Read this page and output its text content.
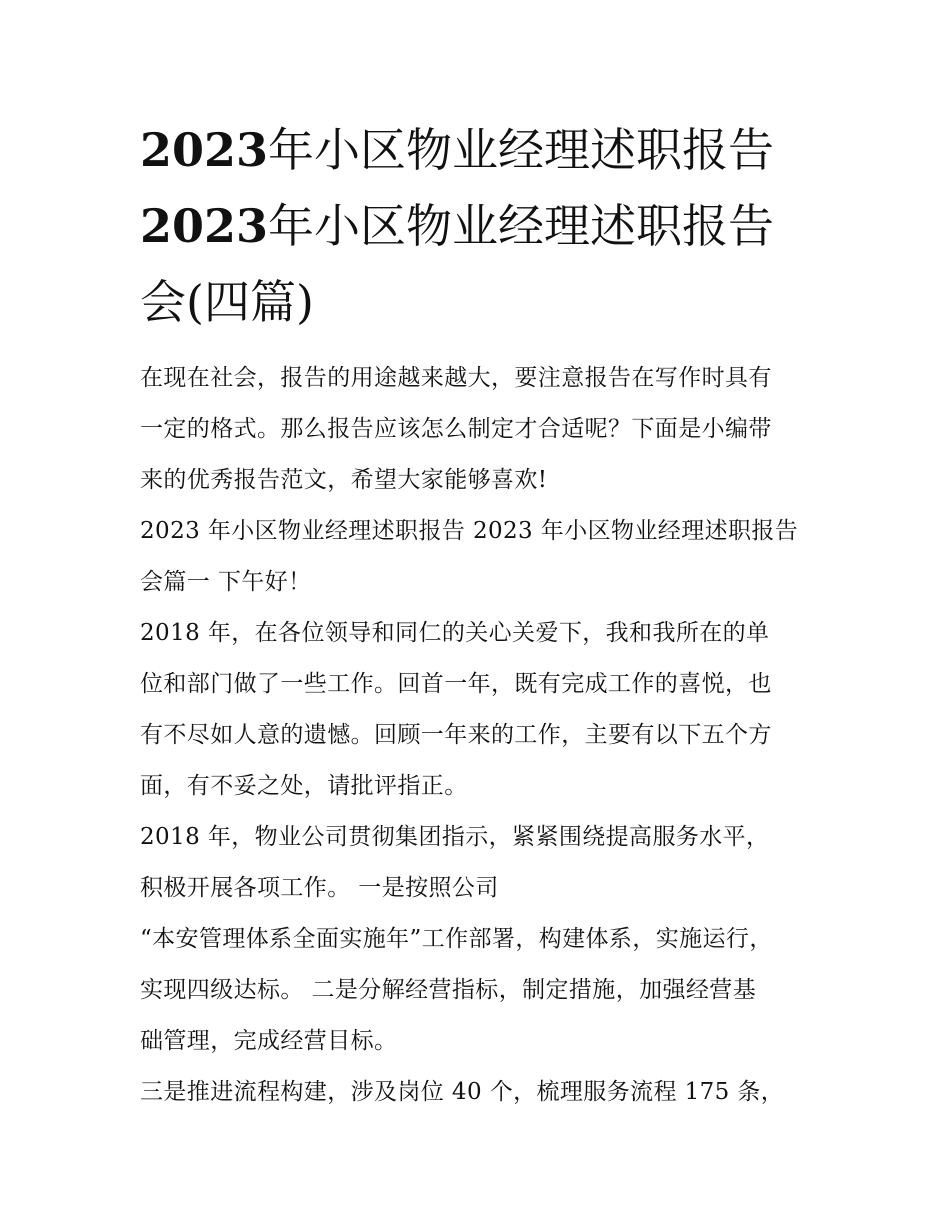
2023年小区物业经理述职报告
2023年小区物业经理述职报告
会(四篇)
在现在社会，报告的用途越来越大，要注意报告在写作时具有
一定的格式。那么报告应该怎么制定才合适呢？下面是小编带
来的优秀报告范文，希望大家能够喜欢!
2023 年小区物业经理述职报告 2023 年小区物业经理述职报告
会篇一 下午好！
2018 年，在各位领导和同仁的关心关爱下，我和我所在的单
位和部门做了一些工作。回首一年，既有完成工作的喜悦，也
有不尽如人意的遗憾。回顾一年来的工作，主要有以下五个方
面，有不妥之处，请批评指正。
2018 年，物业公司贯彻集团指示，紧紧围绕提高服务水平，
积极开展各项工作。 一是按照公司
“本安管理体系全面实施年”工作部署，构建体系，实施运行，
实现四级达标。 二是分解经营指标，制定措施，加强经营基
础管理，完成经营目标。
三是推进流程构建，涉及岗位 40 个，梳理服务流程 175 条，
